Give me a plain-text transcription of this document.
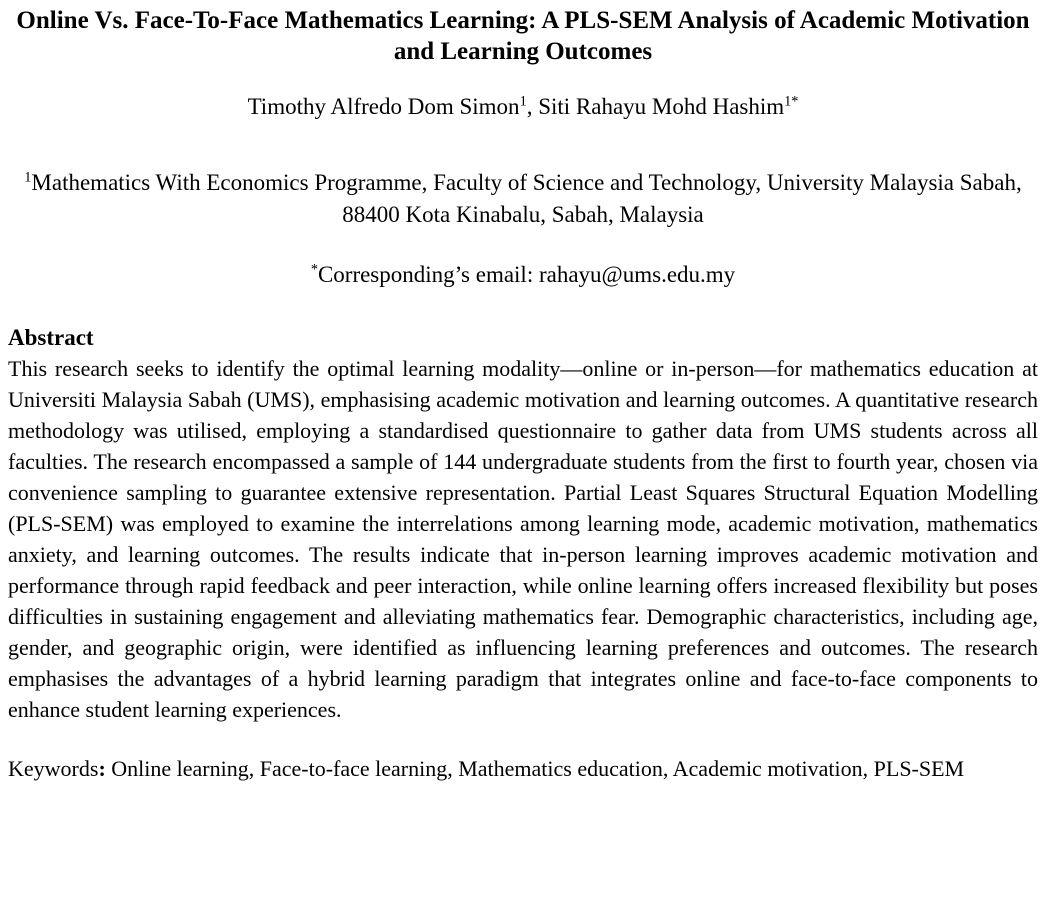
Online Vs. Face-To-Face Mathematics Learning: A PLS-SEM Analysis of Academic Motivation and Learning Outcomes

Timothy Alfredo Dom Simon$^1$, Siti Rahayu Mohd Hashim$^{1*}$

$^1$Mathematics With Economics Programme, Faculty of Science and Technology, University Malaysia Sabah, 88400 Kota Kinabalu, Sabah, Malaysia

*Corresponding’s email: rahayu@ums.edu.my

Abstract

This research seeks to identify the optimal learning modality—online or in-person—for mathematics education at Universiti Malaysia Sabah (UMS), emphasising academic motivation and learning outcomes. A quantitative research methodology was utilised, employing a standardised questionnaire to gather data from UMS students across all faculties. The research encompassed a sample of 144 undergraduate students from the first to fourth year, chosen via convenience sampling to guarantee extensive representation. Partial Least Squares Structural Equation Modelling (PLS-SEM) was employed to examine the interrelations among learning mode, academic motivation, mathematics anxiety, and learning outcomes. The results indicate that in-person learning improves academic motivation and performance through rapid feedback and peer interaction, while online learning offers increased flexibility but poses difficulties in sustaining engagement and alleviating mathematics fear. Demographic characteristics, including age, gender, and geographic origin, were identified as influencing learning preferences and outcomes. The research emphasises the advantages of a hybrid learning paradigm that integrates online and face-to-face components to enhance student learning experiences.

Keywords: Online learning, Face-to-face learning, Mathematics education, Academic motivation, PLS-SEM
